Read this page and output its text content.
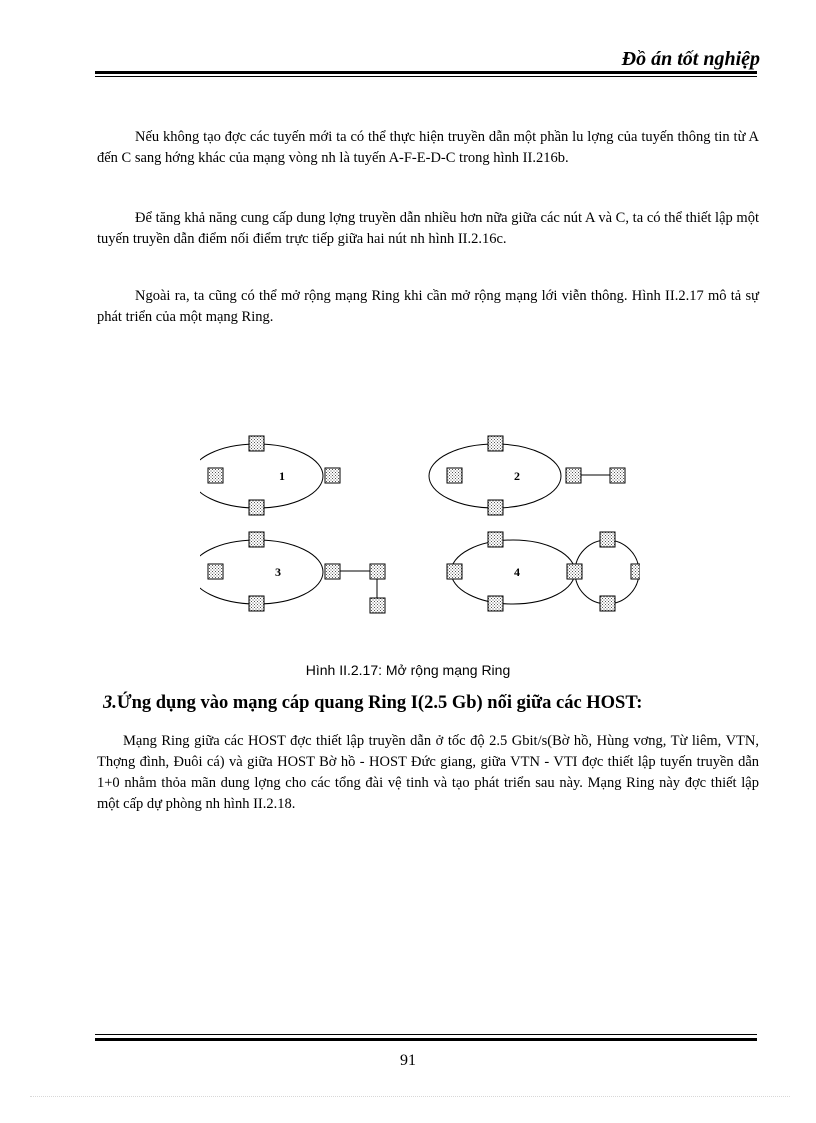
Đồ án tốt nghiệp

Nếu không tạo đợc các tuyến mới ta có thể thực hiện truyền dẫn một phần lu lợng của tuyến thông tin từ A đến C sang hớng khác của mạng vòng nh là tuyến A-F-E-D-C trong hình II.216b.

Để tăng khả năng cung cấp dung lợng truyền dẫn nhiều hơn nữa giữa các nút A và C, ta có thể thiết lập một tuyến truyền dẫn điểm nối điểm trực tiếp giữa hai nút nh hình II.2.16c.

Ngoài ra, ta cũng có thể mở rộng mạng Ring khi cần mở rộng mạng lới viễn thông. Hình II.2.17 mô tả sự phát triển của một mạng Ring.

1	2
3	4
Hình II.2.17: Mở rộng mạng Ring
3.Ứng dụng vào mạng cáp quang Ring I(2.5 Gb) nối giữa các HOST:

Mạng Ring giữa các HOST đợc thiết lập truyền dẫn ở tốc độ 2.5 Gbit/s(Bờ hồ, Hùng vơng, Từ liêm, VTN, Thợng đình, Đuôi cá) và giữa HOST Bờ hồ - HOST Đức giang, giữa VTN - VTI đợc thiết lập tuyến truyền dẫn 1+0 nhằm thỏa mãn dung lợng cho các tổng đài vệ tinh và tạo phát triển sau này. Mạng Ring này đợc thiết lập một cấp dự phòng nh hình II.2.18.

91
